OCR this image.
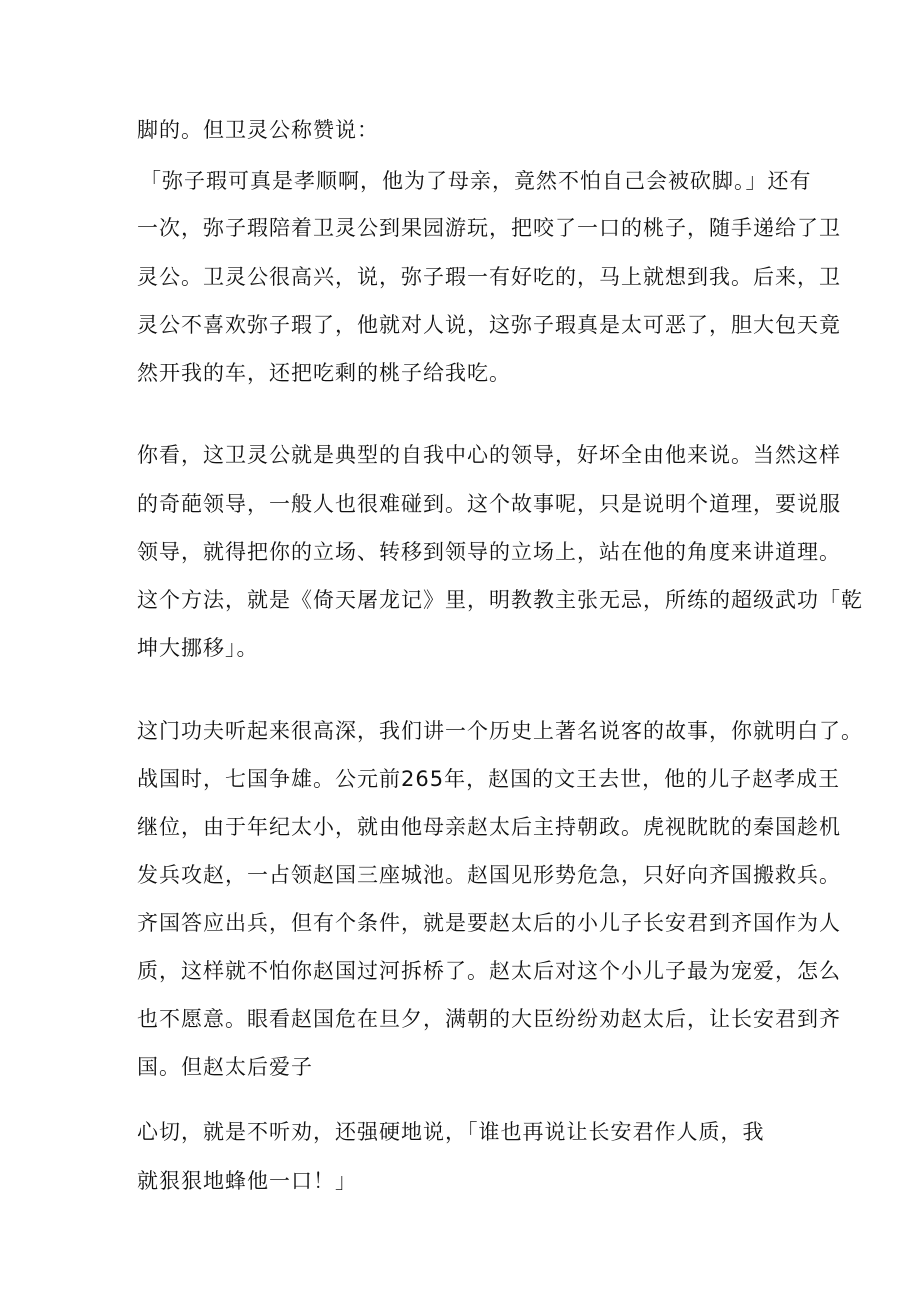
脚的。但卫灵公称赞说：
「弥子瑕可真是孝顺啊，他为了母亲，竟然不怕自己会被砍脚。」还有
一次，弥子瑕陪着卫灵公到果园游玩，把咬了一口的桃子，随手递给了卫
灵公。卫灵公很高兴，说，弥子瑕一有好吃的，马上就想到我。后来，卫
灵公不喜欢弥子瑕了，他就对人说，这弥子瑕真是太可恶了，胆大包天竟
然开我的车，还把吃剩的桃子给我吃。
你看，这卫灵公就是典型的自我中心的领导，好坏全由他来说。当然这样
的奇葩领导，一般人也很难碰到。这个故事呢，只是说明个道理，要说服
领导，就得把你的立场、转移到领导的立场上，站在他的角度来讲道理。
这个方法，就是《倚天屠龙记》里，明教教主张无忌，所练的超级武功「乾
坤大挪移」。
这门功夫听起来很高深，我们讲一个历史上著名说客的故事，你就明白了。
战国时，七国争雄。公元前265年，赵国的文王去世，他的儿子赵孝成王
继位，由于年纪太小，就由他母亲赵太后主持朝政。虎视眈眈的秦国趁机
发兵攻赵，一占领赵国三座城池。赵国见形势危急，只好向齐国搬救兵。
齐国答应出兵，但有个条件，就是要赵太后的小儿子长安君到齐国作为人
质，这样就不怕你赵国过河拆桥了。赵太后对这个小儿子最为宠爱，怎么
也不愿意。眼看赵国危在旦夕，满朝的大臣纷纷劝赵太后，让长安君到齐
国。但赵太后爱子
心切，就是不听劝，还强硬地说，「谁也再说让长安君作人质，我
就狠狠地蜂他一口！」
